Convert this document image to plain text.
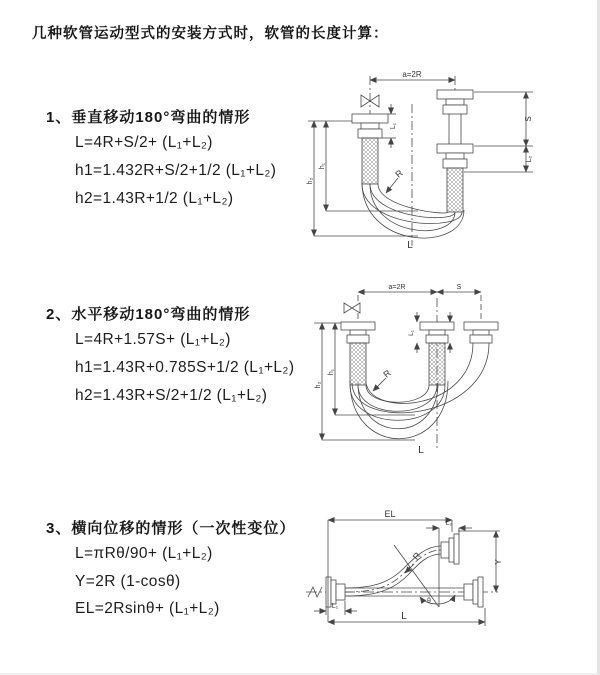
几种软管运动型式的安装方式时，软管的长度计算：
1、垂直移动180°弯曲的情形
L=4R+S/2+ (L₁+L₂)
h1=1.432R+S/2+1/2 (L₁+L₂)
h2=1.43R+1/2 (L₁+L₂)
2、水平移动180°弯曲的情形
L=4R+1.57S+ (L₁+L₂)
h1=1.43R+0.785S+1/2 (L₁+L₂)
h2=1.43R+S/2+1/2 (L₁+L₂)
3、横向位移的情形（一次性变位）
L=πRθ/90+ (L₁+L₂)
Y=2R (1-cosθ)
EL=2Rsinθ+ (L₁+L₂)
a=2R
S
L₂
h₁
h₂
L₁
R
L
a=2R	S
h₁
h₂
L₁
R
L
EL
L₂
Y
R
θ
L₁
L
